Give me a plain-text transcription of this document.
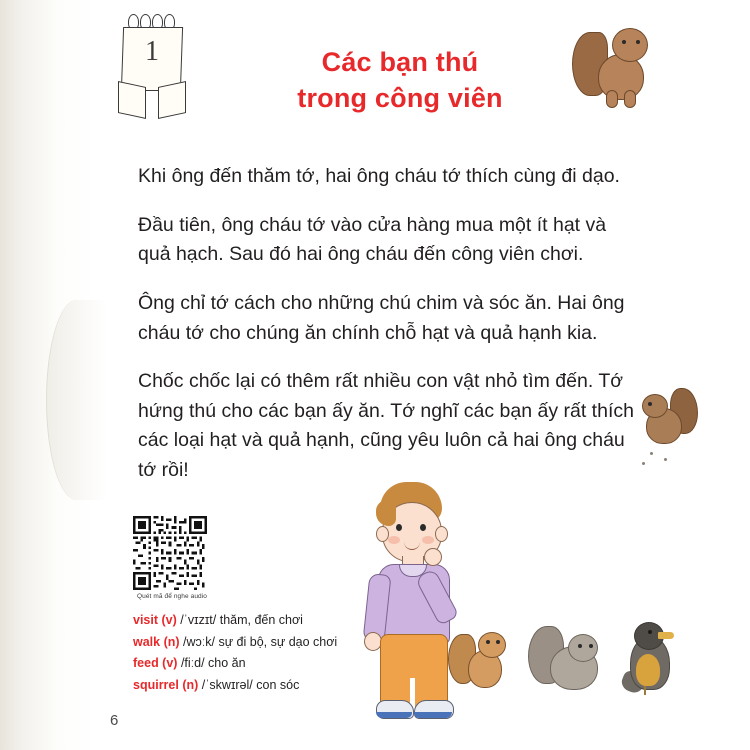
1	Các bạn thú
trong công viên

Khi ông đến thăm tớ, hai ông cháu tớ thích cùng đi dạo.

Đầu tiên, ông cháu tớ vào cửa hàng mua một ít hạt và quả hạch. Sau đó hai ông cháu đến công viên chơi.

Ông chỉ tớ cách cho những chú chim và sóc ăn. Hai ông cháu tớ cho chúng ăn chính chỗ hạt và quả hạnh kia.

Chốc chốc lại có thêm rất nhiều con vật nhỏ tìm đến. Tớ hứng thú cho các bạn ấy ăn. Tớ nghĩ các bạn ấy rất thích các loại hạt và quả hạnh, cũng yêu luôn cả hai ông cháu tớ rồi!

Quét mã để nghe audio
visit (v) /ˈvɪzɪt/ thăm, đến chơi
walk (n) /wɔːk/ sự đi bộ, sự dạo chơi
feed (v) /fiːd/ cho ăn
squirrel (n) /ˈskwɪrəl/ con sóc
6
